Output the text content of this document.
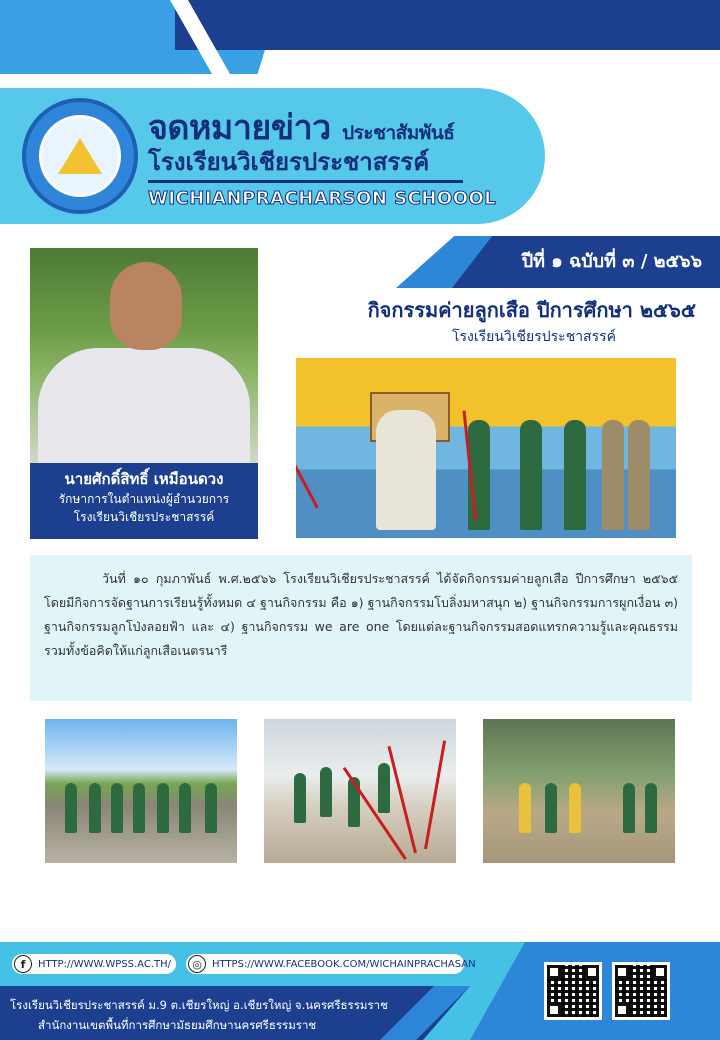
จดหมายข่าว ประชาสัมพันธ์
โรงเรียนวิเชียรประชาสรรค์
WICHIANPRACHARSON SCHOOOL
นายศักดิ์สิทธิ์ เหมือนดวง
รักษาการในตำแหน่งผู้อำนวยการ
โรงเรียนวิเชียรประชาสรรค์
ปีที่ ๑ ฉบับที่ ๓ / ๒๕๖๖
กิจกรรมค่ายลูกเสือ ปีการศึกษา ๒๕๖๕
โรงเรียนวิเชียรประชาสรรค์

วันที่ ๑๐ กุมภาพันธ์ พ.ศ.๒๕๖๖ โรงเรียนวิเชียรประชาสรรค์ ได้จัดกิจกรรมค่ายลูกเสือ ปีการศึกษา ๒๕๖๕ โดยมีกิจการจัดฐานการเรียนรู้ทั้งหมด ๔ ฐานกิจกรรม คือ ๑) ฐานกิจกรรมโบลิ่งมหาสนุก ๒) ฐานกิจกรรมการผูกเงื่อน ๓) ฐานกิจกรรมลูกโป่งลอยฟ้า และ ๔) ฐานกิจกรรม we are one โดยแต่ละฐานกิจกรรมสอดแทรกความรู้และคุณธรรม รวมทั้งข้อคิดให้แก่ลูกเสือเนตรนารี

f	HTTP://WWW.WPSS.AC.TH/	◎	HTTPS://WWW.FACEBOOK.COM/WICHAINPRACHASAN
โรงเรียนวิเชียรประชาสรรค์ ม.9 ต.เชียรใหญ่ อ.เชียรใหญ่ จ.นครศรีธรรมราช
สำนักงานเขตพื้นที่การศึกษามัธยมศึกษานครศรีธรรมราช
